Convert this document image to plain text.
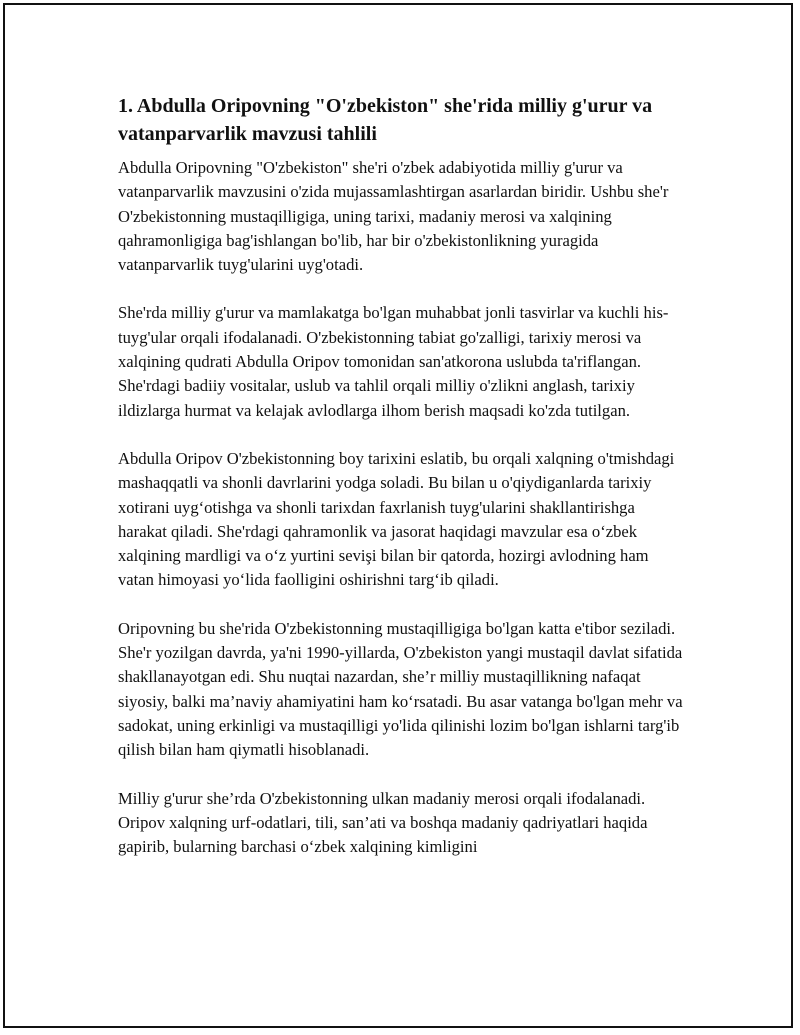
1. Abdulla Oripovning "O'zbekiston" she'rida milliy g'urur va vatanparvarlik mavzusi tahlili

Abdulla Oripovning "O'zbekiston" she'ri o'zbek adabiyotida milliy g'urur va vatanparvarlik mavzusini o'zida mujassamlashtirgan asarlardan biridir. Ushbu she'r O'zbekistonning mustaqilligiga, uning tarixi, madaniy merosi va xalqining qahramonligiga bag'ishlangan bo'lib, har bir o'zbekistonlikning yuragida vatanparvarlik tuyg'ularini uyg'otadi.

She'rda milliy g'urur va mamlakatga bo'lgan muhabbat jonli tasvirlar va kuchli his-tuyg'ular orqali ifodalanadi. O'zbekistonning tabiat go'zalligi, tarixiy merosi va xalqining qudrati Abdulla Oripov tomonidan san'atkorona uslubda ta'riflangan. She'rdagi badiiy vositalar, uslub va tahlil orqali milliy o'zlikni anglash, tarixiy ildizlarga hurmat va kelajak avlodlarga ilhom berish maqsadi ko'zda tutilgan.

Abdulla Oripov O'zbekistonning boy tarixini eslatib, bu orqali xalqning o'tmishdagi mashaqqatli va shonli davrlarini yodga soladi. Bu bilan u o'qiydiganlarda tarixiy xotirani uyg‘otishga va shonli tarixdan faxrlanish tuyg'ularini shakllantirishga harakat qiladi. She'rdagi qahramonlik va jasorat haqidagi mavzular esa o‘zbek xalqining mardligi va o‘z yurtini sevişi bilan bir qatorda, hozirgi avlodning ham vatan himoyasi yo‘lida faolligini oshirishni targ‘ib qiladi.

Oripovning bu she'rida O'zbekistonning mustaqilligiga bo'lgan katta e'tibor seziladi. She'r yozilgan davrda, ya'ni 1990-yillarda, O'zbekiston yangi mustaqil davlat sifatida shakllanayotgan edi. Shu nuqtai nazardan, she’r milliy mustaqillikning nafaqat siyosiy, balki ma’naviy ahamiyatini ham ko‘rsatadi. Bu asar vatanga bo'lgan mehr va sadokat, uning erkinligi va mustaqilligi yo'lida qilinishi lozim bo'lgan ishlarni targ'ib qilish bilan ham qiymatli hisoblanadi.

Milliy g'urur she’rda O'zbekistonning ulkan madaniy merosi orqali ifodalanadi. Oripov xalqning urf-odatlari, tili, san’ati va boshqa madaniy qadriyatlari haqida gapirib, bularning barchasi o‘zbek xalqining kimligini
